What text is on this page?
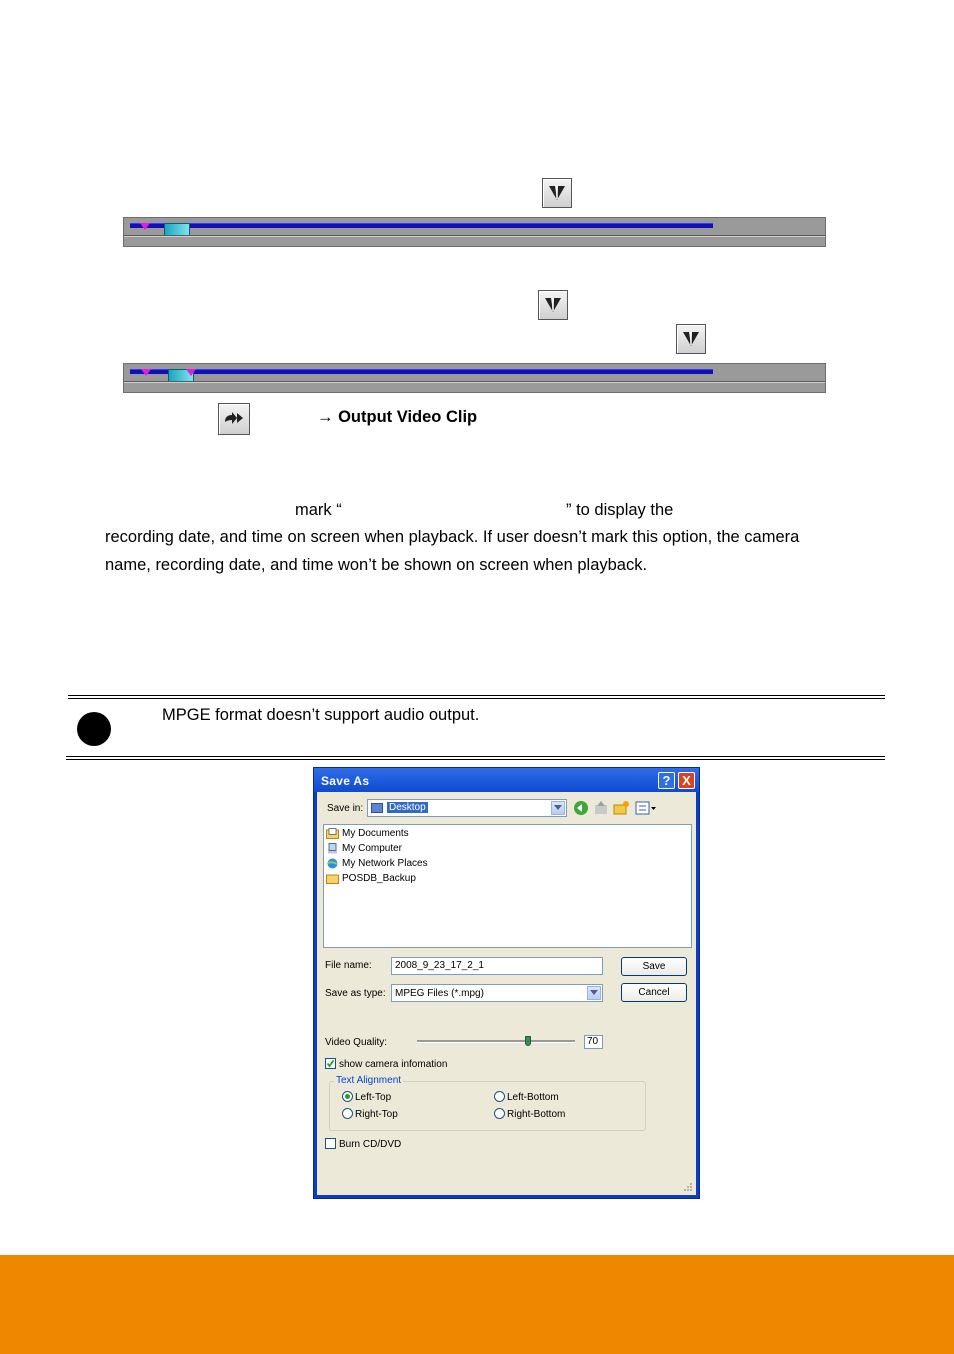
→ Output Video Clip
mark “	” to display the
recording date, and time on screen when playback. If user doesn’t mark this option, the camera
name, recording date, and time won’t be shown on screen when playback.
MPGE format doesn’t support audio output.
Save As	? X
Save in:	Desktop
My Documents
My Computer
My Network Places
POSDB_Backup
File name:	2008_9_23_17_2_1	Save
Save as type: MPEG Files (*.mpg)	Cancel
Video Quality:	70
show camera infomation
Text Alignment
Left-Top	Left-Bottom
Right-Top	Right-Bottom
Burn CD/DVD
